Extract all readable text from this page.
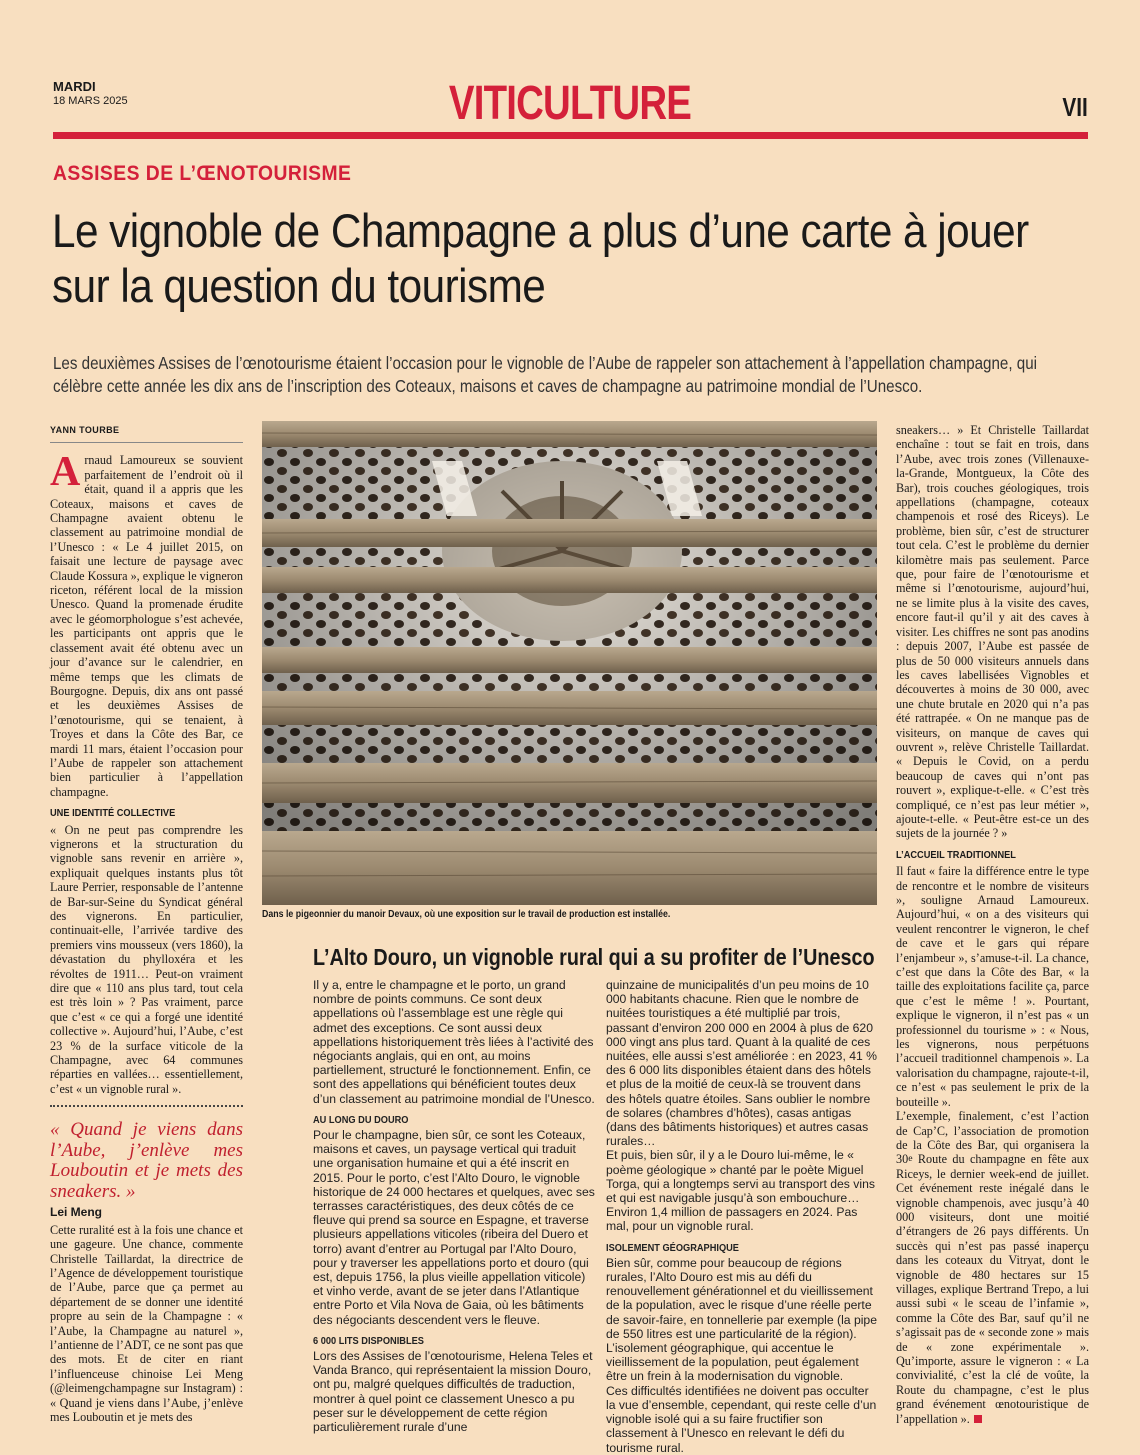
MARDI
18 MARS 2025	VITICULTURE	VII
ASSISES DE L’ŒNOTOURISME
Le vignoble de Champagne a plus d’une carte à jouer sur la question du tourisme

Les deuxièmes Assises de l’œnotourisme étaient l’occasion pour le vignoble de l’Aube de rappeler son attachement à l’appellation champagne, qui célèbre cette année les dix ans de l’inscription des Coteaux, maisons et caves de champagne au patrimoine mondial de l’Unesco.

YANN TOURBE

Arnaud Lamoureux se souvient parfaitement de l’endroit où il était, quand il a appris que les Coteaux, maisons et caves de Champagne avaient obtenu le classement au patrimoine mondial de l’Unesco : « Le 4 juillet 2015, on faisait une lecture de paysage avec Claude Kossura », explique le vigneron riceton, référent local de la mission Unesco. Quand la promenade érudite avec le géomorphologue s’est achevée, les participants ont appris que le classement avait été obtenu avec un jour d’avance sur le calendrier, en même temps que les climats de Bourgogne. Depuis, dix ans ont passé et les deuxièmes Assises de l’œnotourisme, qui se tenaient, à Troyes et dans la Côte des Bar, ce mardi 11 mars, étaient l’occasion pour l’Aube de rappeler son attachement bien particulier à l’appellation champagne.

UNE IDENTITÉ COLLECTIVE

« On ne peut pas comprendre les vignerons et la structuration du vignoble sans revenir en arrière », expliquait quelques instants plus tôt Laure Perrier, responsable de l’antenne de Bar-sur-Seine du Syndicat général des vignerons. En particulier, continuait-elle, l’arrivée tardive des premiers vins mousseux (vers 1860), la dévastation du phylloxéra et les révoltes de 1911… Peut-on vraiment dire que « 110 ans plus tard, tout cela est très loin » ? Pas vraiment, parce que c’est « ce qui a forgé une identité collective ». Aujourd’hui, l’Aube, c’est 23 % de la surface viticole de la Champagne, avec 64 communes réparties en vallées… essentiellement, c’est « un vignoble rural ».

« Quand je viens dans l’Aube, j’enlève mes Louboutin et je mets des sneakers. »

Lei Meng

Cette ruralité est à la fois une chance et une gageure. Une chance, commente Christelle Taillardat, la directrice de l’Agence de développement touristique de l’Aube, parce que ça permet au département de se donner une identité propre au sein de la Champagne : « l’Aube, la Champagne au naturel », l’antienne de l’ADT, ce ne sont pas que des mots. Et de citer en riant l’influenceuse chinoise Lei Meng (@leimengchampagne sur Instagram) : « Quand je viens dans l’Aube, j’enlève mes Louboutin et je mets des

Dans le pigeonnier du manoir Devaux, où une exposition sur le travail de production est installée.
L’Alto Douro, un vignoble rural qui a su profiter de l’Unesco

Il y a, entre le champagne et le porto, un grand nombre de points communs. Ce sont deux appellations où l’assemblage est une règle qui admet des exceptions. Ce sont aussi deux appellations historiquement très liées à l’activité des négociants anglais, qui en ont, au moins partiellement, structuré le fonctionnement. Enfin, ce sont des appellations qui bénéficient toutes deux d’un classement au patrimoine mondial de l’Unesco.

AU LONG DU DOURO

Pour le champagne, bien sûr, ce sont les Coteaux, maisons et caves, un paysage vertical qui traduit une organisation humaine et qui a été inscrit en 2015. Pour le porto, c’est l’Alto Douro, le vignoble historique de 24 000 hectares et quelques, avec ses terrasses caractéristiques, des deux côtés de ce fleuve qui prend sa source en Espagne, et traverse plusieurs appellations viticoles (ribeira del Duero et torro) avant d’entrer au Portugal par l’Alto Douro, pour y traverser les appellations porto et douro (qui est, depuis 1756, la plus vieille appellation viticole) et vinho verde, avant de se jeter dans l’Atlantique entre Porto et Vila Nova de Gaia, où les bâtiments des négociants descendent vers le fleuve.

6 000 LITS DISPONIBLES

Lors des Assises de l’œnotourisme, Helena Teles et Vanda Branco, qui représentaient la mission Douro, ont pu, malgré quelques difficultés de traduction, montrer à quel point ce classement Unesco a pu peser sur le développement de cette région particulièrement rurale d’une

quinzaine de municipalités d’un peu moins de 10 000 habitants chacune. Rien que le nombre de nuitées touristiques a été multiplié par trois, passant d’environ 200 000 en 2004 à plus de 620 000 vingt ans plus tard. Quant à la qualité de ces nuitées, elle aussi s’est améliorée : en 2023, 41 % des 6 000 lits disponibles étaient dans des hôtels et plus de la moitié de ceux-là se trouvent dans des hôtels quatre étoiles. Sans oublier le nombre de solares (chambres d’hôtes), casas antigas (dans des bâtiments historiques) et autres casas rurales…

Et puis, bien sûr, il y a le Douro lui-même, le « poème géologique » chanté par le poète Miguel Torga, qui a longtemps servi au transport des vins et qui est navigable jusqu’à son embouchure… Environ 1,4 million de passagers en 2024. Pas mal, pour un vignoble rural.

ISOLEMENT GÉOGRAPHIQUE

Bien sûr, comme pour beaucoup de régions rurales, l’Alto Douro est mis au défi du renouvellement générationnel et du vieillissement de la population, avec le risque d’une réelle perte de savoir-faire, en tonnellerie par exemple (la pipe de 550 litres est une particularité de la région). L’isolement géographique, qui accentue le vieillissement de la population, peut également être un frein à la modernisation du vignoble.

Ces difficultés identifiées ne doivent pas occulter la vue d’ensemble, cependant, qui reste celle d’un vignoble isolé qui a su faire fructifier son classement à l’Unesco en relevant le défi du tourisme rural.

sneakers… » Et Christelle Taillardat enchaîne : tout se fait en trois, dans l’Aube, avec trois zones (Villenauxe-la-Grande, Montgueux, la Côte des Bar), trois couches géologiques, trois appellations (champagne, coteaux champenois et rosé des Riceys). Le problème, bien sûr, c’est de structurer tout cela. C’est le problème du dernier kilomètre mais pas seulement. Parce que, pour faire de l’œnotourisme et même si l’œnotourisme, aujourd’hui, ne se limite plus à la visite des caves, encore faut-il qu’il y ait des caves à visiter. Les chiffres ne sont pas anodins : depuis 2007, l’Aube est passée de plus de 50 000 visiteurs annuels dans les caves labellisées Vignobles et découvertes à moins de 30 000, avec une chute brutale en 2020 qui n’a pas été rattrapée. « On ne manque pas de visiteurs, on manque de caves qui ouvrent », relève Christelle Taillardat. « Depuis le Covid, on a perdu beaucoup de caves qui n’ont pas rouvert », explique-t-elle. « C’est très compliqué, ce n’est pas leur métier », ajoute-t-elle. « Peut-être est-ce un des sujets de la journée ? »

L’ACCUEIL TRADITIONNEL

Il faut « faire la différence entre le type de rencontre et le nombre de visiteurs », souligne Arnaud Lamoureux. Aujourd’hui, « on a des visiteurs qui veulent rencontrer le vigneron, le chef de cave et le gars qui répare l’enjambeur », s’amuse-t-il. La chance, c’est que dans la Côte des Bar, « la taille des exploitations facilite ça, parce que c’est le même ! ». Pourtant, explique le vigneron, il n’est pas « un professionnel du tourisme » : « Nous, les vignerons, nous perpétuons l’accueil traditionnel champenois ». La valorisation du champagne, rajoute-t-il, ce n’est « pas seulement le prix de la bouteille ».

L’exemple, finalement, c’est l’action de Cap’C, l’association de promotion de la Côte des Bar, qui organisera la 30e Route du champagne en fête aux Riceys, le dernier week-end de juillet. Cet événement reste inégalé dans le vignoble champenois, avec jusqu’à 40 000 visiteurs, dont une moitié d’étrangers de 26 pays différents. Un succès qui n’est pas passé inaperçu dans les coteaux du Vitryat, dont le vignoble de 480 hectares sur 15 villages, explique Bertrand Trepo, a lui aussi subi « le sceau de l’infamie », comme la Côte des Bar, sauf qu’il ne s’agissait pas de « seconde zone » mais de « zone expérimentale ». Qu’importe, assure le vigneron : « La convivialité, c’est la clé de voûte, la Route du champagne, c’est le plus grand événement œnotouristique de l’appellation ».
